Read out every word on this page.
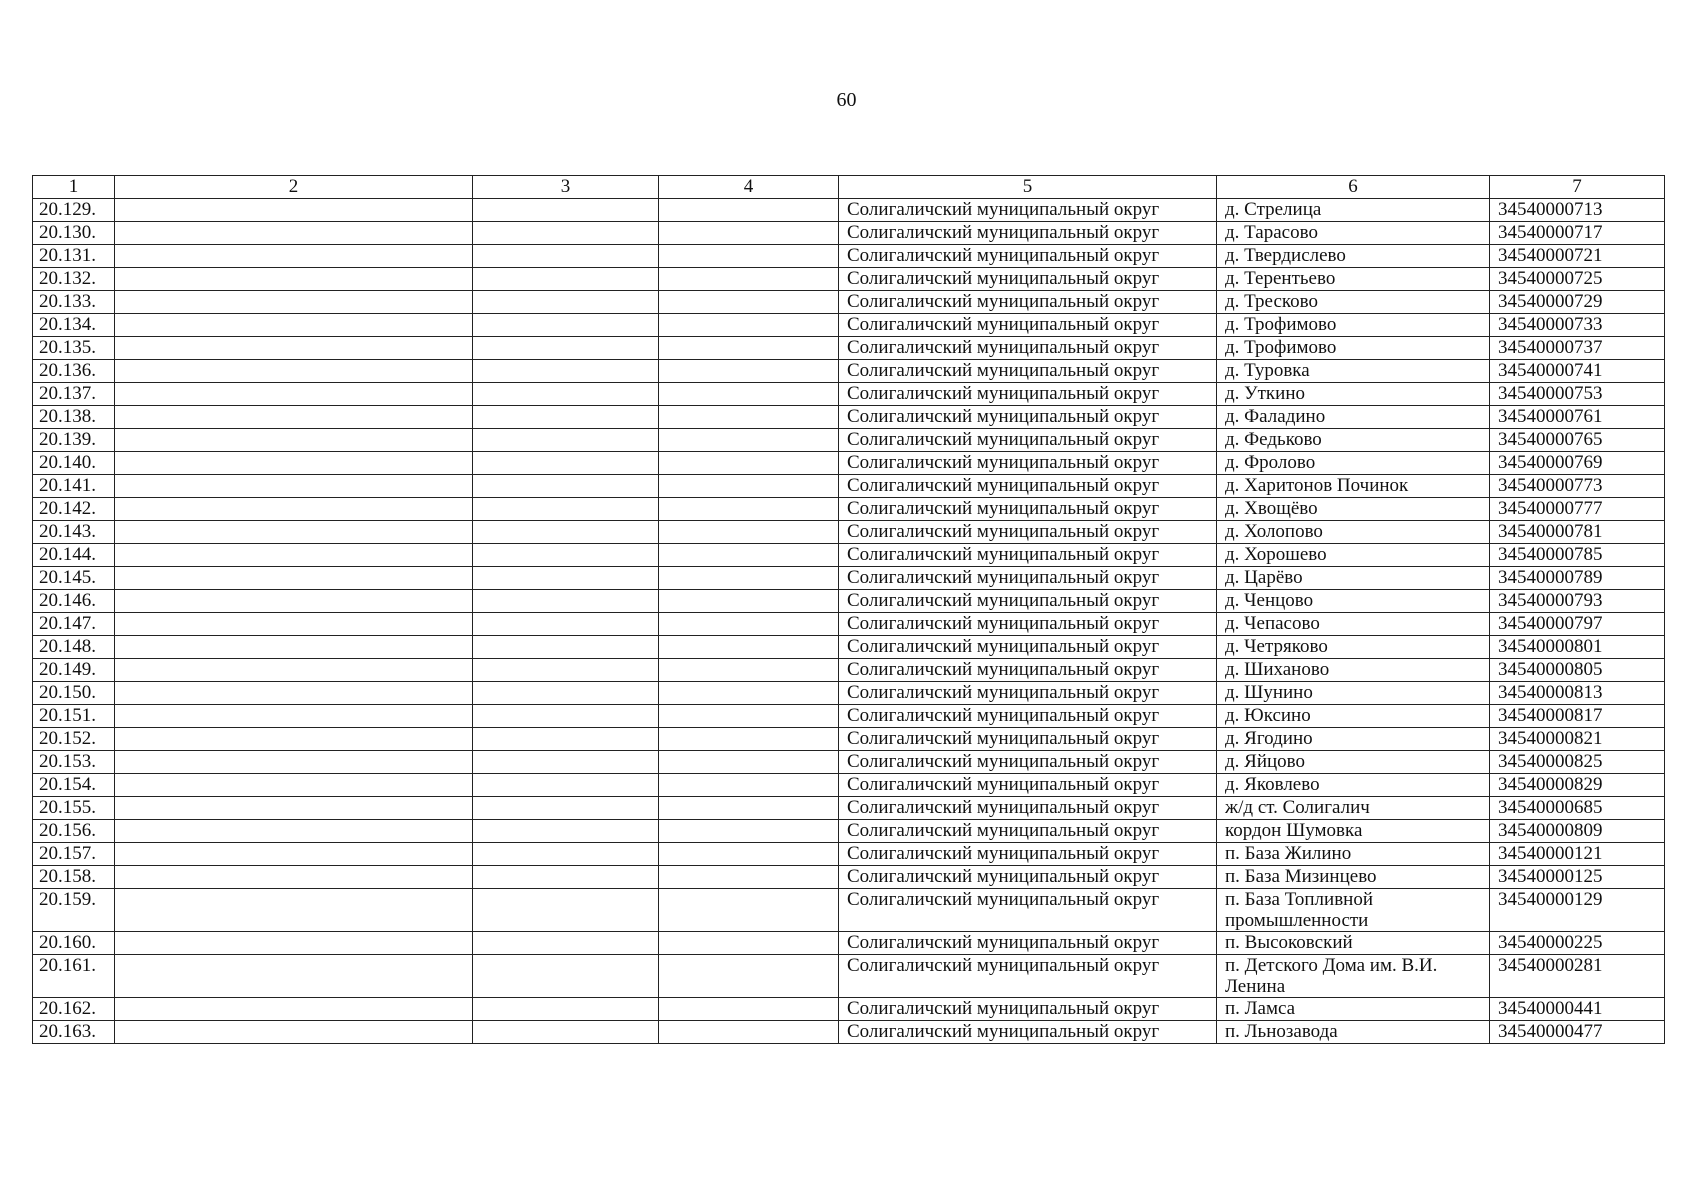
60
1	2	3	4	5	6	7
20.129.				Солигаличский муниципальный округ	д. Стрелица	34540000713
20.130.				Солигаличский муниципальный округ	д. Тарасово	34540000717
20.131.				Солигаличский муниципальный округ	д. Твердислево	34540000721
20.132.				Солигаличский муниципальный округ	д. Терентьево	34540000725
20.133.				Солигаличский муниципальный округ	д. Тресково	34540000729
20.134.				Солигаличский муниципальный округ	д. Трофимово	34540000733
20.135.				Солигаличский муниципальный округ	д. Трофимово	34540000737
20.136.				Солигаличский муниципальный округ	д. Туровка	34540000741
20.137.				Солигаличский муниципальный округ	д. Уткино	34540000753
20.138.				Солигаличский муниципальный округ	д. Фаладино	34540000761
20.139.				Солигаличский муниципальный округ	д. Федьково	34540000765
20.140.				Солигаличский муниципальный округ	д. Фролово	34540000769
20.141.				Солигаличский муниципальный округ	д. Харитонов Починок	34540000773
20.142.				Солигаличский муниципальный округ	д. Хвощёво	34540000777
20.143.				Солигаличский муниципальный округ	д. Холопово	34540000781
20.144.				Солигаличский муниципальный округ	д. Хорошево	34540000785
20.145.				Солигаличский муниципальный округ	д. Царёво	34540000789
20.146.				Солигаличский муниципальный округ	д. Ченцово	34540000793
20.147.				Солигаличский муниципальный округ	д. Чепасово	34540000797
20.148.				Солигаличский муниципальный округ	д. Четряково	34540000801
20.149.				Солигаличский муниципальный округ	д. Шиханово	34540000805
20.150.				Солигаличский муниципальный округ	д. Шунино	34540000813
20.151.				Солигаличский муниципальный округ	д. Юксино	34540000817
20.152.				Солигаличский муниципальный округ	д. Ягодино	34540000821
20.153.				Солигаличский муниципальный округ	д. Яйцово	34540000825
20.154.				Солигаличский муниципальный округ	д. Яковлево	34540000829
20.155.				Солигаличский муниципальный округ	ж/д ст. Солигалич	34540000685
20.156.				Солигаличский муниципальный округ	кордон Шумовка	34540000809
20.157.				Солигаличский муниципальный округ	п. База Жилино	34540000121
20.158.				Солигаличский муниципальный округ	п. База Мизинцево	34540000125
20.159.				Солигаличский муниципальный округ	п. База Топливной промышленности	34540000129
20.160.				Солигаличский муниципальный округ	п. Высоковский	34540000225
20.161.				Солигаличский муниципальный округ	п. Детского Дома им. В.И. Ленина	34540000281
20.162.				Солигаличский муниципальный округ	п. Ламса	34540000441
20.163.				Солигаличский муниципальный округ	п. Льнозавода	34540000477
